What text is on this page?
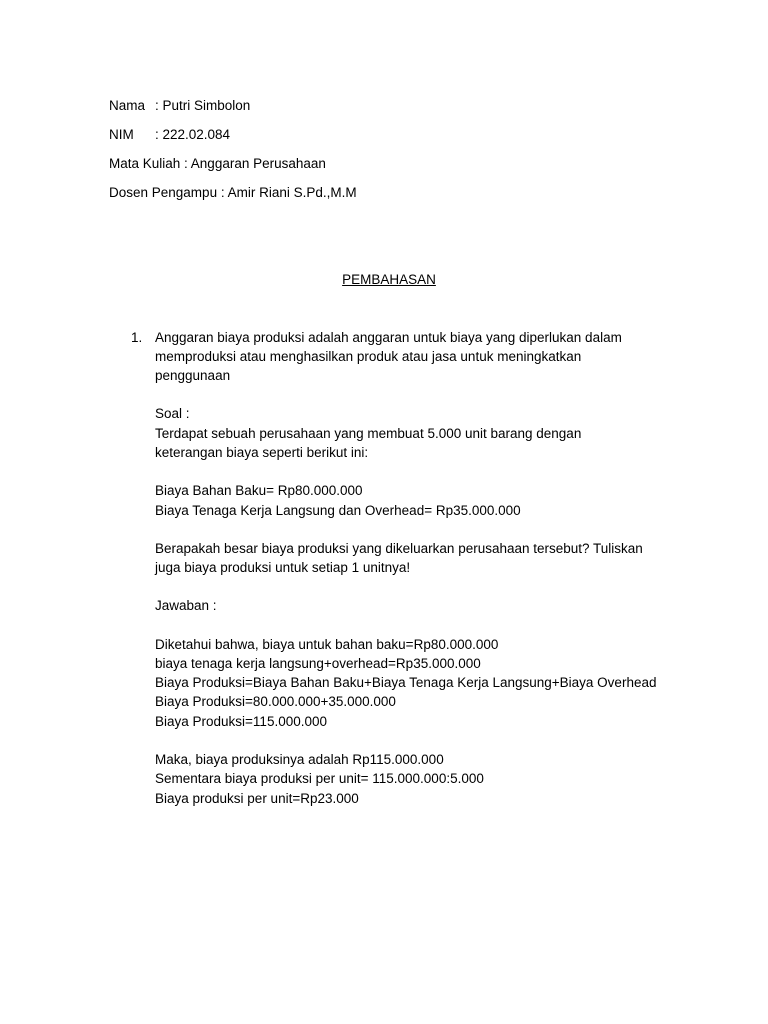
Nama : Putri Simbolon
NIM : 222.02.084
Mata Kuliah : Anggaran Perusahaan
Dosen Pengampu : Amir Riani S.Pd.,M.M
PEMBAHASAN
1. Anggaran biaya produksi adalah anggaran untuk biaya yang diperlukan dalam
memproduksi atau menghasilkan produk atau jasa untuk meningkatkan
penggunaan
Soal :
Terdapat sebuah perusahaan yang membuat 5.000 unit barang dengan
keterangan biaya seperti berikut ini:
Biaya Bahan Baku= Rp80.000.000
Biaya Tenaga Kerja Langsung dan Overhead= Rp35.000.000
Berapakah besar biaya produksi yang dikeluarkan perusahaan tersebut? Tuliskan
juga biaya produksi untuk setiap 1 unitnya!
Jawaban :
Diketahui bahwa, biaya untuk bahan baku=Rp80.000.000
biaya tenaga kerja langsung+overhead=Rp35.000.000
Biaya Produksi=Biaya Bahan Baku+Biaya Tenaga Kerja Langsung+Biaya Overhead
Biaya Produksi=80.000.000+35.000.000
Biaya Produksi=115.000.000
Maka, biaya produksinya adalah Rp115.000.000
Sementara biaya produksi per unit= 115.000.000:5.000
Biaya produksi per unit=Rp23.000
